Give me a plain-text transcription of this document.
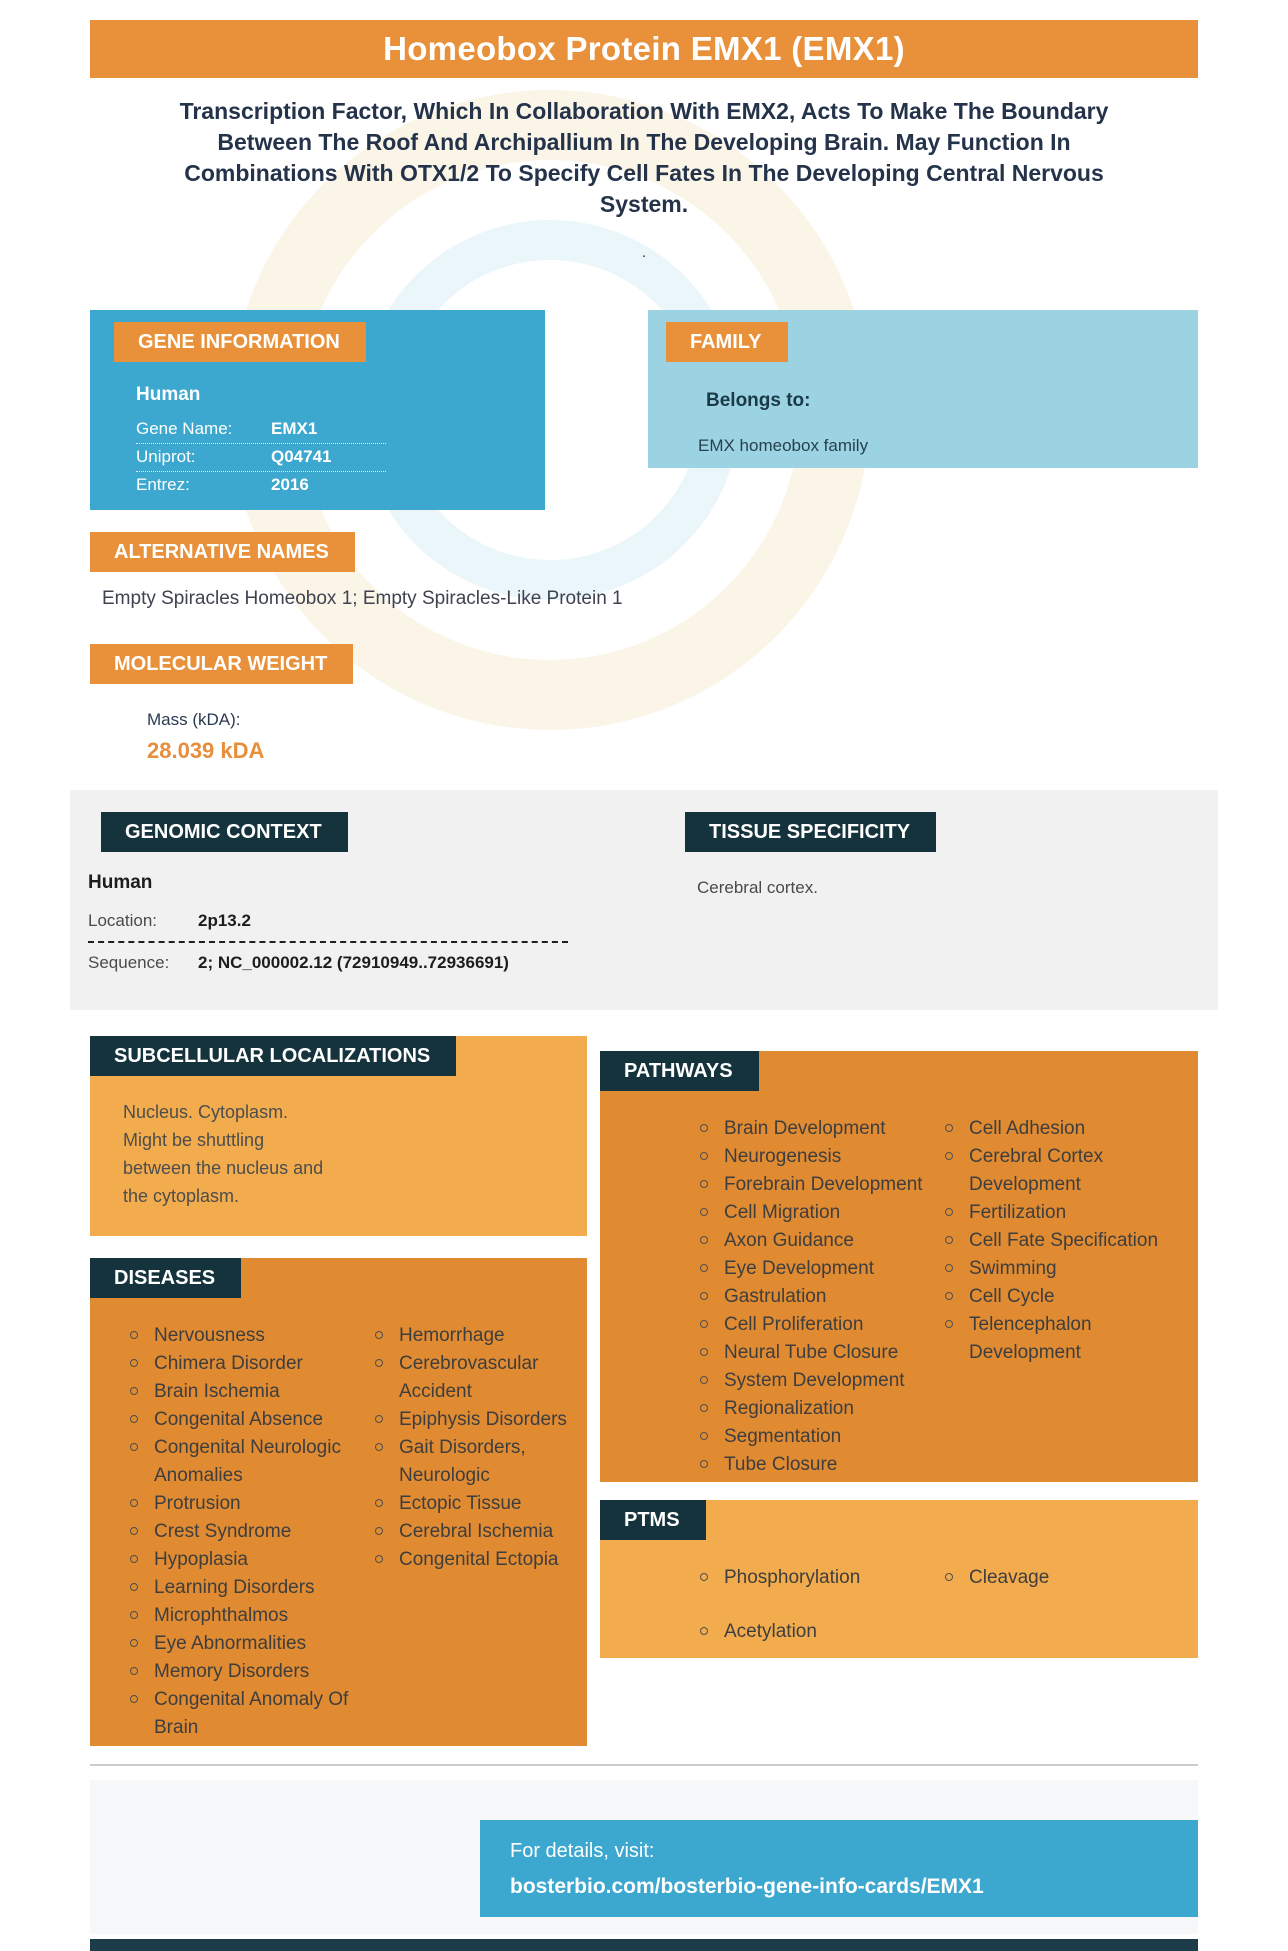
Homeobox Protein EMX1 (EMX1)

Transcription Factor, Which In Collaboration With EMX2, Acts To Make The Boundary Between The Roof And Archipallium In The Developing Brain. May Function In Combinations With OTX1/2 To Specify Cell Fates In The Developing Central Nervous System.

.
GENE INFORMATION
Human
Gene Name:	EMX1
Uniprot:	Q04741
Entrez:	2016
FAMILY
Belongs to:
EMX homeobox family
ALTERNATIVE NAMES

Empty Spiracles Homeobox 1; Empty Spiracles-Like Protein 1

MOLECULAR WEIGHT
Mass (kDA):
28.039 kDA
GENOMIC CONTEXT
Human
Location:	2p13.2
Sequence:	2; NC_000002.12 (72910949..72936691)
TISSUE SPECIFICITY

Cerebral cortex.

SUBCELLULAR LOCALIZATIONS

Nucleus. Cytoplasm. Might be shuttling between the nucleus and the cytoplasm.

DISEASES
Nervousness
Chimera Disorder
Brain Ischemia
Congenital Absence
Congenital Neurologic Anomalies
Protrusion
Crest Syndrome
Hypoplasia
Learning Disorders
Microphthalmos
Eye Abnormalities
Memory Disorders
Congenital Anomaly Of Brain
Hemorrhage
Cerebrovascular Accident
Epiphysis Disorders
Gait Disorders, Neurologic
Ectopic Tissue
Cerebral Ischemia
Congenital Ectopia
PATHWAYS
Brain Development
Neurogenesis
Forebrain Development
Cell Migration
Axon Guidance
Eye Development
Gastrulation
Cell Proliferation
Neural Tube Closure
System Development
Regionalization
Segmentation
Tube Closure
Cell Adhesion
Cerebral Cortex Development
Fertilization
Cell Fate Specification
Swimming
Cell Cycle
Telencephalon Development
PTMS
Phosphorylation
Acetylation
Cleavage
For details, visit:
bosterbio.com/bosterbio-gene-info-cards/EMX1
